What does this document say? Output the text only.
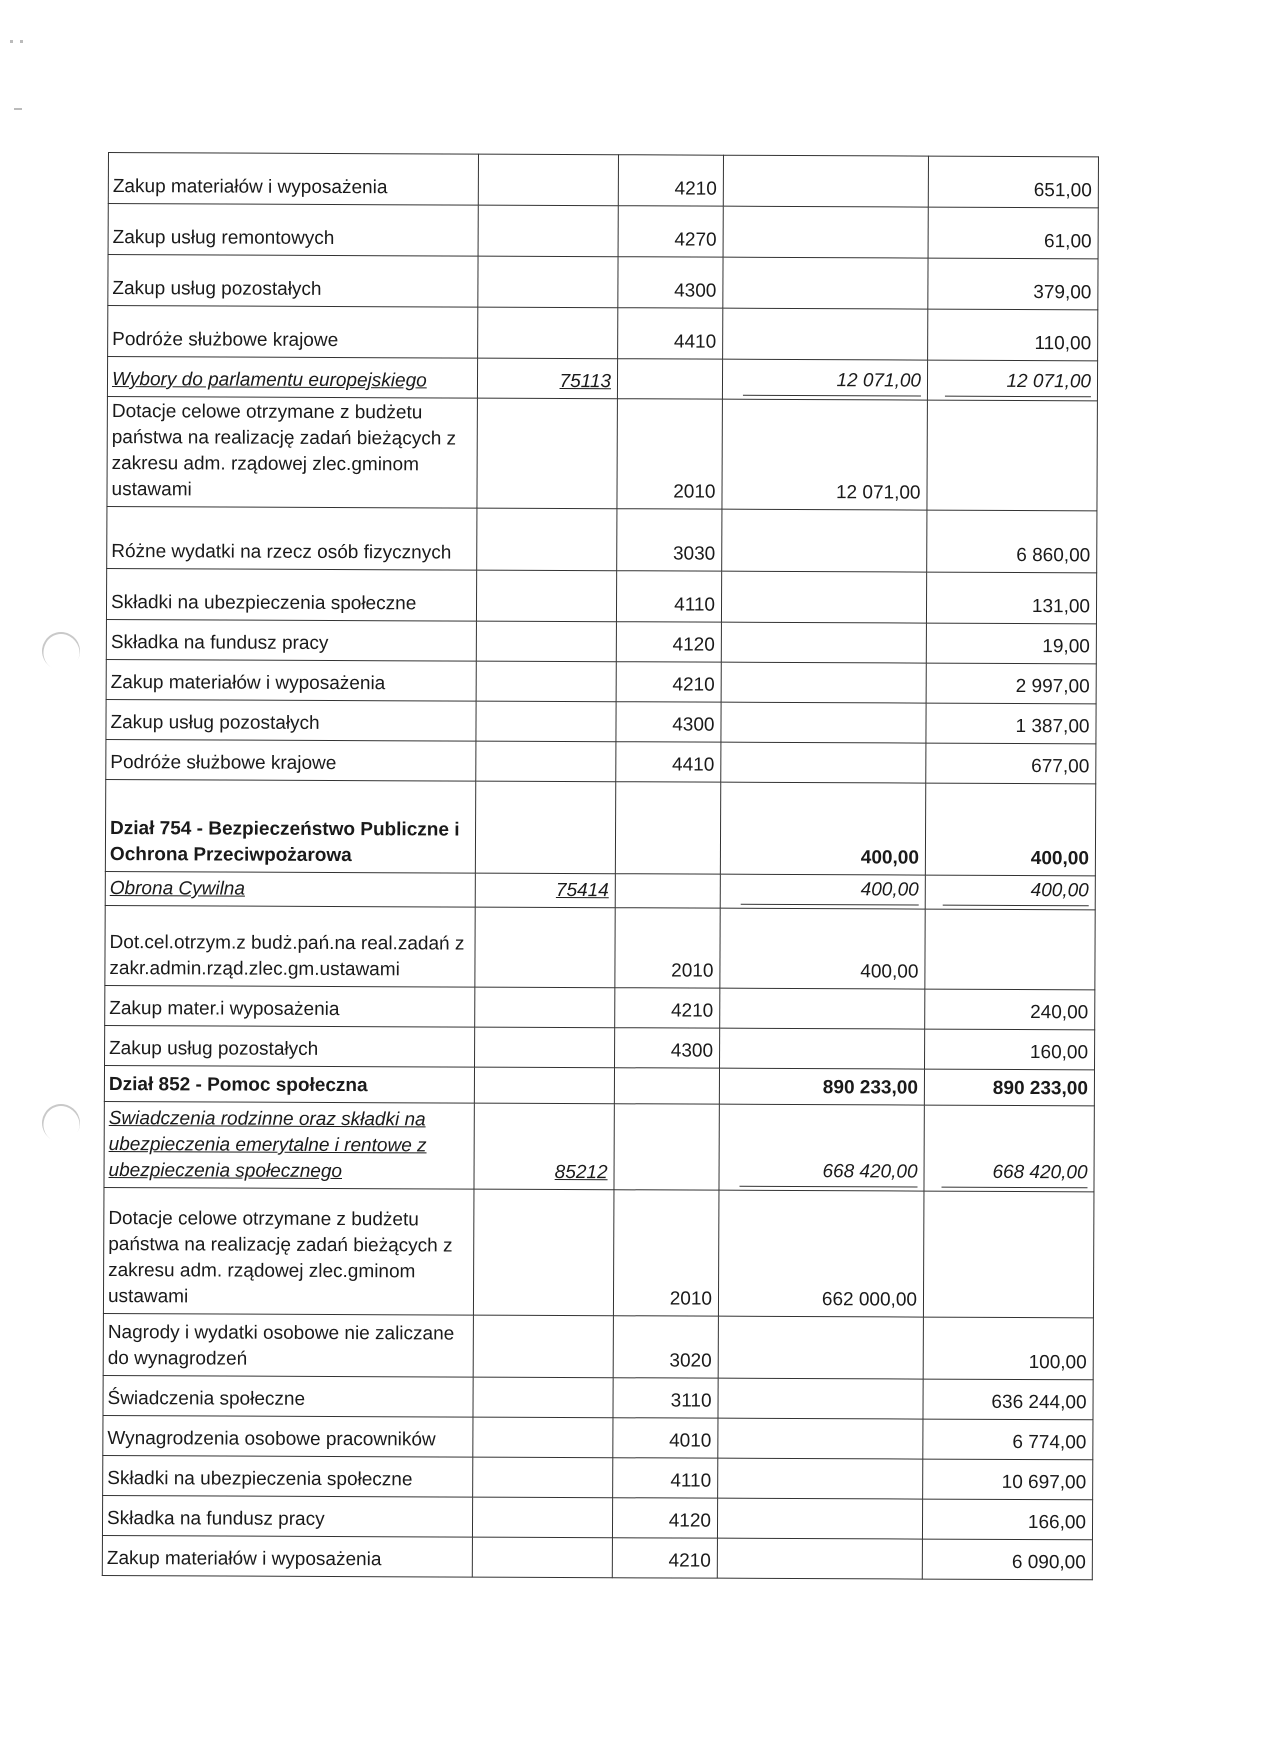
Zakup materiałów i wyposażenia		4210		651,00
Zakup usług remontowych		4270		61,00
Zakup usług pozostałych		4300		379,00
Podróże służbowe krajowe		4410		110,00
Wybory do parlamentu europejskiego	75113		12 071,00	12 071,00
Dotacje celowe otrzymane z budżetu państwa na realizację zadań bieżących z zakresu adm. rządowej zlec.gminom ustawami		2010	12 071,00	
Różne wydatki na rzecz osób fizycznych		3030		6 860,00
Składki na ubezpieczenia społeczne		4110		131,00
Składka na fundusz pracy		4120		19,00
Zakup materiałów i wyposażenia		4210		2 997,00
Zakup usług pozostałych		4300		1 387,00
Podróże służbowe krajowe		4410		677,00
Dział 754 - Bezpieczeństwo Publiczne i Ochrona Przeciwpożarowa			400,00	400,00
Obrona Cywilna	75414		400,00	400,00
Dot.cel.otrzym.z budż.pań.na real.zadań z zakr.admin.rząd.zlec.gm.ustawami		2010	400,00	
Zakup mater.i wyposażenia		4210		240,00
Zakup usług pozostałych		4300		160,00
Dział 852 - Pomoc społeczna			890 233,00	890 233,00
Swiadczenia rodzinne oraz składki na ubezpieczenia emerytalne i rentowe z ubezpieczenia społecznego	85212		668 420,00	668 420,00
Dotacje celowe otrzymane z budżetu państwa na realizację zadań bieżących z zakresu adm. rządowej zlec.gminom ustawami		2010	662 000,00	
Nagrody i wydatki osobowe nie zaliczane do wynagrodzeń		3020		100,00
Świadczenia społeczne		3110		636 244,00
Wynagrodzenia osobowe pracowników		4010		6 774,00
Składki na ubezpieczenia społeczne		4110		10 697,00
Składka na fundusz pracy		4120		166,00
Zakup materiałów i wyposażenia		4210		6 090,00
